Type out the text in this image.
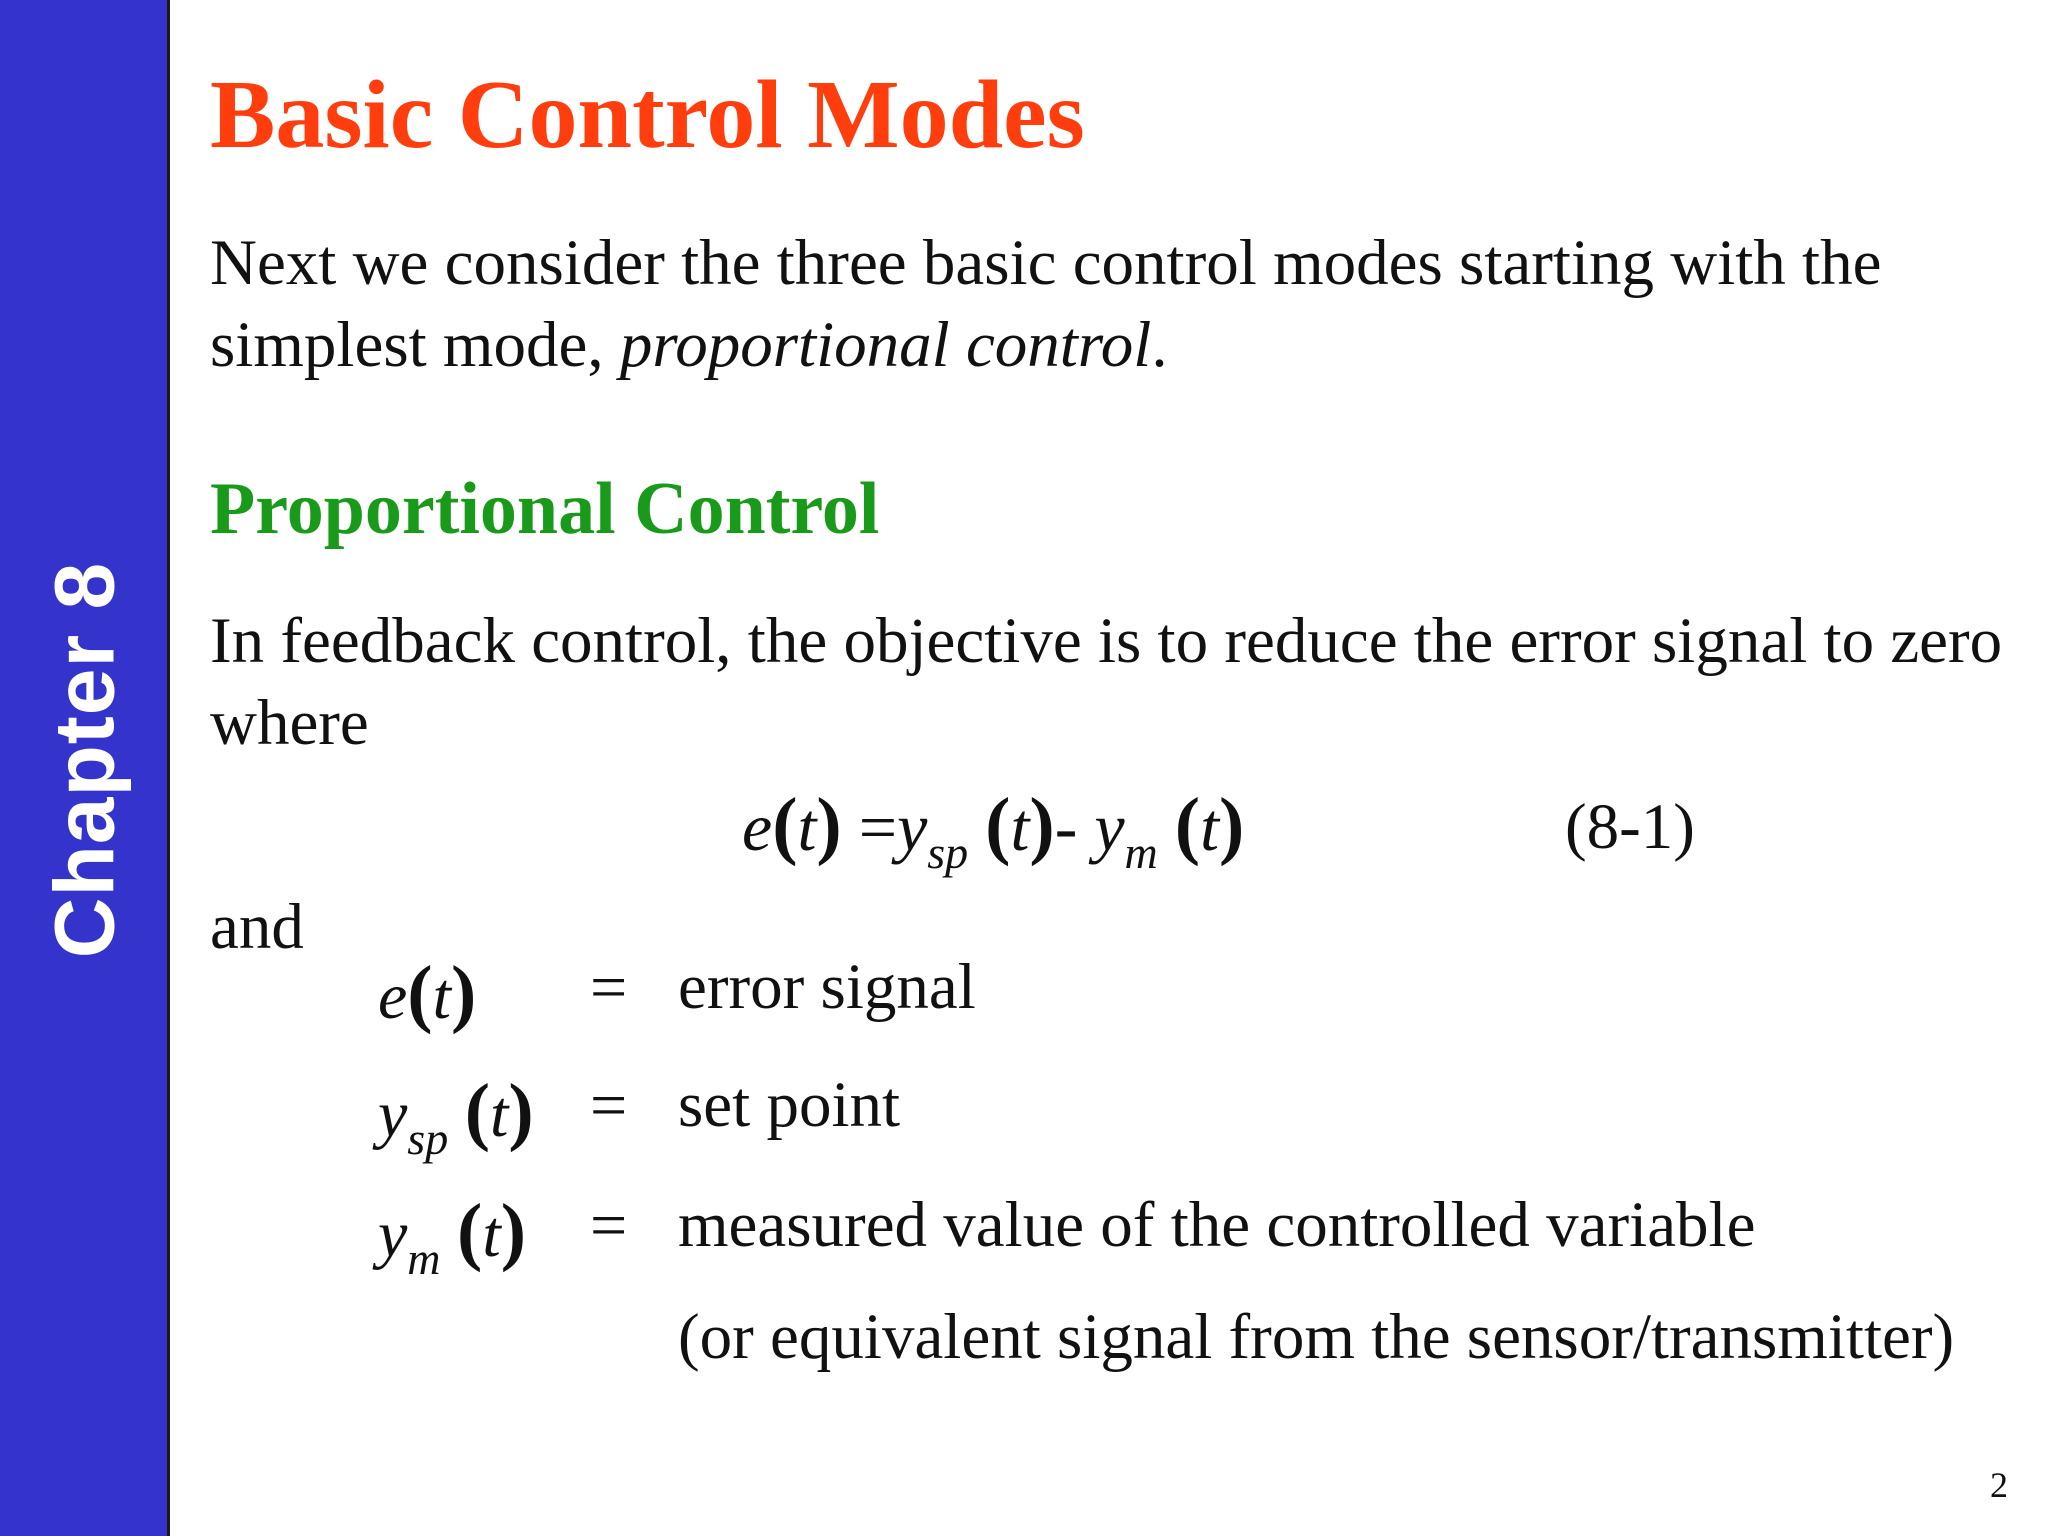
Chapter 8
Basic Control Modes

Next we consider the three basic control modes starting with the simplest mode, proportional control.

Proportional Control

In feedback control, the objective is to reduce the error signal to zero where

$e(t) =y_{sp}$ (t)- $y_m$ (t)	(8-1)
and
e(t) = error signal
$y_{sp}$ (t) = set point
$y_m$ (t) = measured value of the controlled variable
(or equivalent signal from the sensor/transmitter)
2
